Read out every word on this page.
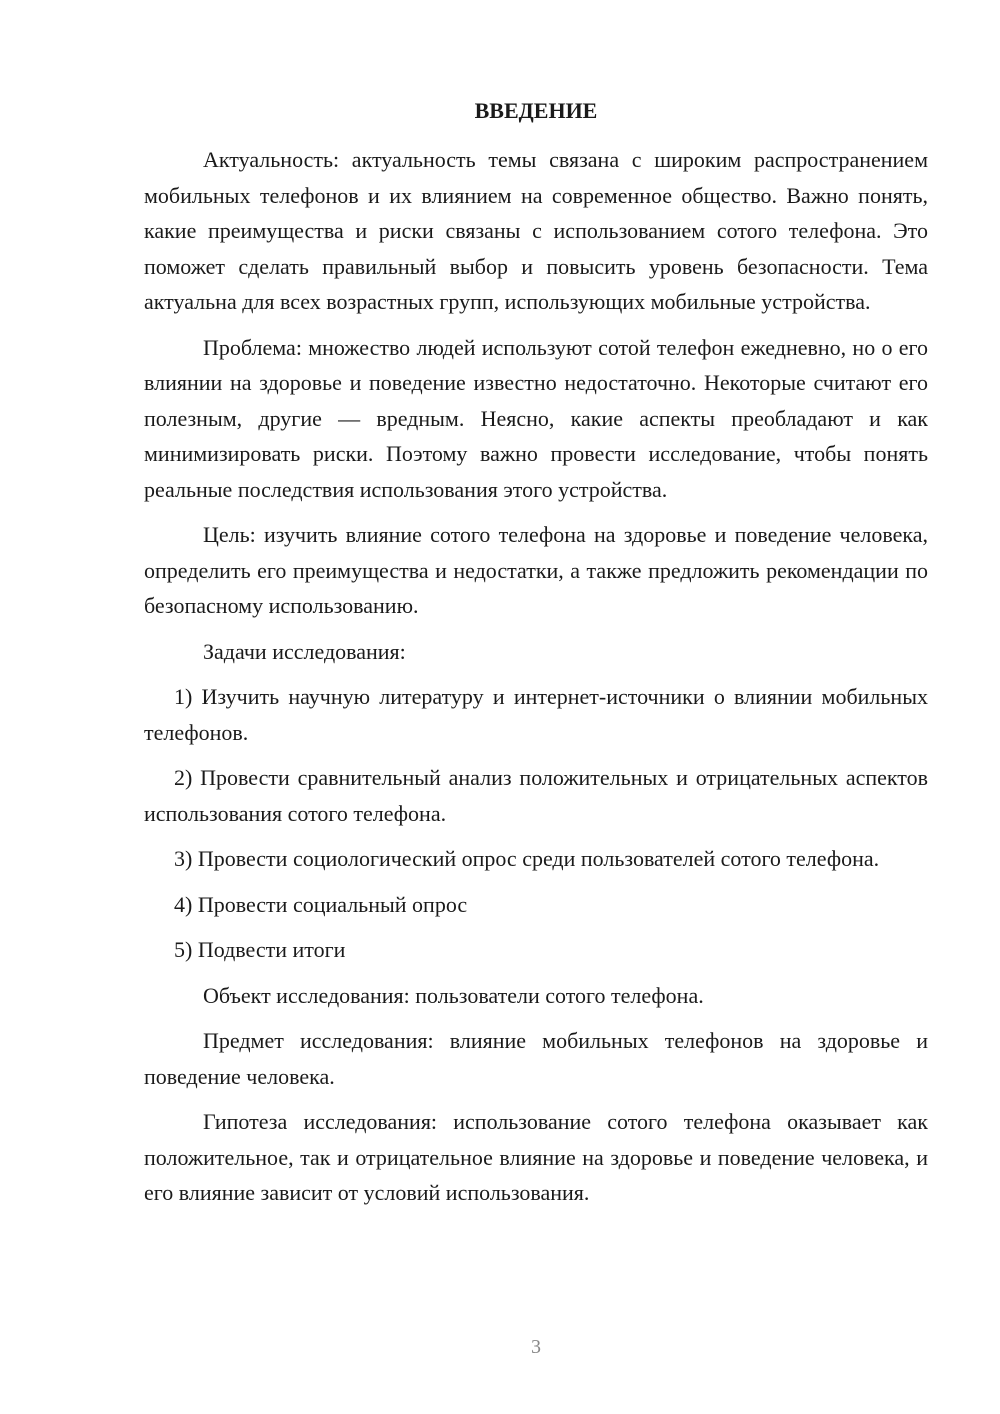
ВВЕДЕНИЕ

Актуальность: актуальность темы связана с широким распространением мобильных телефонов и их влиянием на современное общество. Важно понять, какие преимущества и риски связаны с использованием сотого телефона. Это поможет сделать правильный выбор и повысить уровень безопасности. Тема актуальна для всех возрастных групп, использующих мобильные устройства.

Проблема: множество людей используют сотой телефон ежедневно, но о его влиянии на здоровье и поведение известно недостаточно. Некоторые считают его полезным, другие — вредным. Неясно, какие аспекты преобладают и как минимизировать риски. Поэтому важно провести исследование, чтобы понять реальные последствия использования этого устройства.

Цель: изучить влияние сотого телефона на здоровье и поведение человека, определить его преимущества и недостатки, а также предложить рекомендации по безопасному использованию.

Задачи исследования:

1) Изучить научную литературу и интернет-источники о влиянии мобильных телефонов.

2) Провести сравнительный анализ положительных и отрицательных аспектов использования сотого телефона.

3) Провести социологический опрос среди пользователей сотого телефона.

4) Провести социальный опрос

5) Подвести итоги

Объект исследования: пользователи сотого телефона.

Предмет исследования: влияние мобильных телефонов на здоровье и поведение человека.

Гипотеза исследования: использование сотого телефона оказывает как положительное, так и отрицательное влияние на здоровье и поведение человека, и его влияние зависит от условий использования.

3
